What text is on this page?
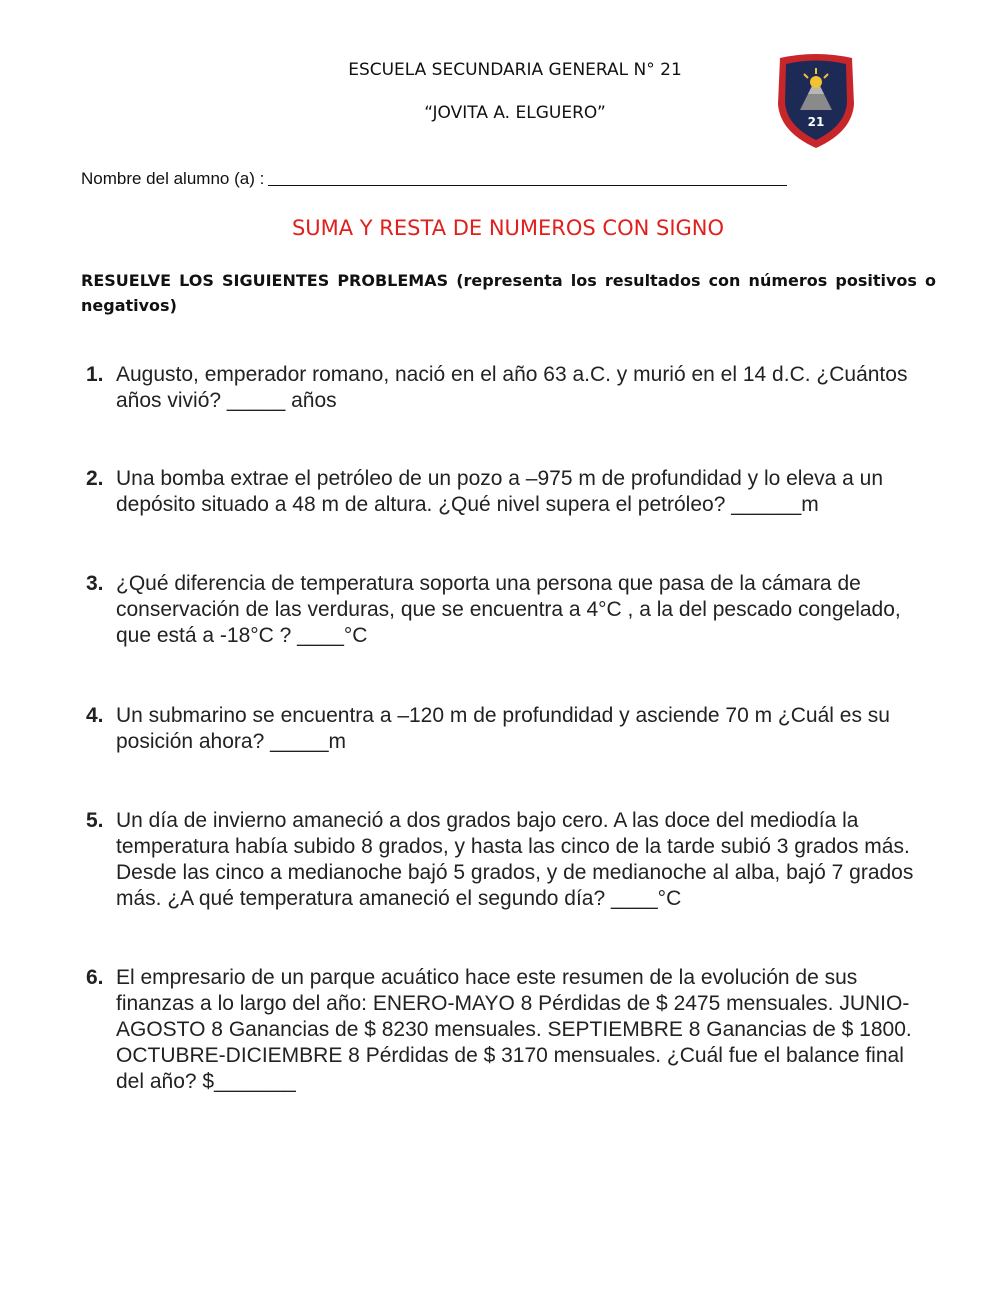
ESCUELA SECUNDARIA GENERAL N° 21
“JOVITA A. ELGUERO”	21
Nombre del alumno (a) :
SUMA Y RESTA DE NUMEROS CON SIGNO
RESUELVE LOS SIGUIENTES PROBLEMAS (representa los resultados con números positivos o negativos)
1. Augusto, emperador romano, nació en el año 63 a.C. y murió en el 14 d.C. ¿Cuántos años vivió? _____ años
2. Una bomba extrae el petróleo de un pozo a –975 m de profundidad y lo eleva a un depósito situado a 48 m de altura. ¿Qué nivel supera el petróleo? ______m
3. ¿Qué diferencia de temperatura soporta una persona que pasa de la cámara de conservación de las verduras, que se encuentra a 4°C , a la del pescado congelado, que está a -18°C ? ____°C
4. Un submarino se encuentra a –120 m de profundidad y asciende 70 m ¿Cuál es su posición ahora? _____m
5. Un día de invierno amaneció a dos grados bajo cero. A las doce del mediodía la temperatura había subido 8 grados, y hasta las cinco de la tarde subió 3 grados más. Desde las cinco a medianoche bajó 5 grados, y de medianoche al alba, bajó 7 grados más. ¿A qué temperatura amaneció el segundo día? ____°C
6. El empresario de un parque acuático hace este resumen de la evolución de sus finanzas a lo largo del año: ENERO-MAYO 8 Pérdidas de $ 2475 mensuales. JUNIO-AGOSTO 8 Ganancias de $ 8230 mensuales. SEPTIEMBRE 8 Ganancias de $ 1800. OCTUBRE-DICIEMBRE 8 Pérdidas de $ 3170 mensuales. ¿Cuál fue el balance final del año? $_______
